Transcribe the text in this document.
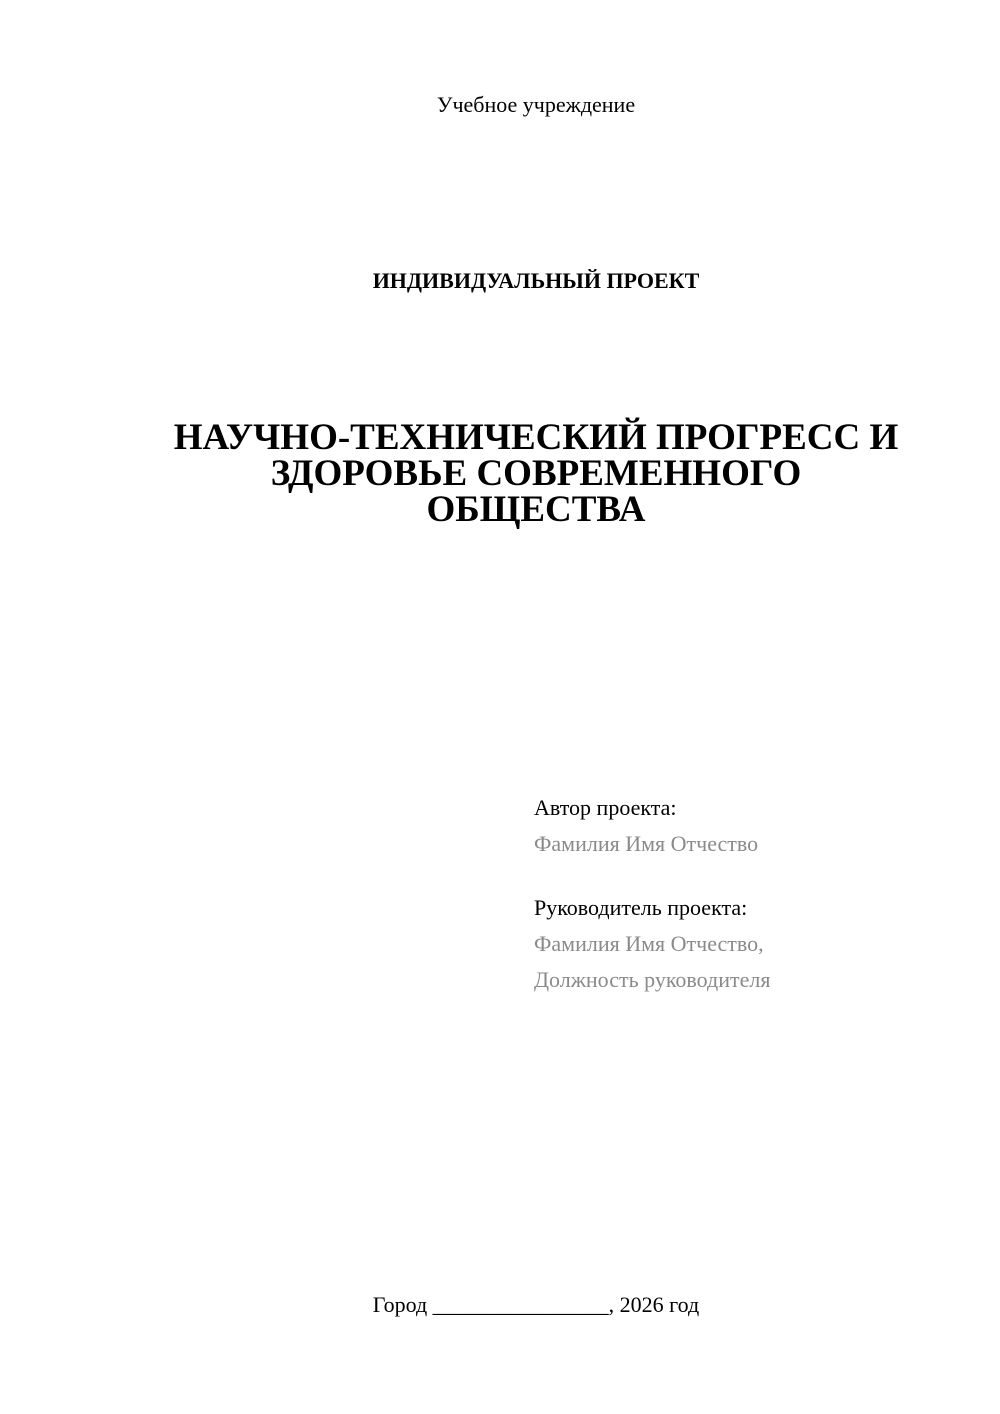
Учебное учреждение
ИНДИВИДУАЛЬНЫЙ ПРОЕКТ
НАУЧНО-ТЕХНИЧЕСКИЙ ПРОГРЕСС И
ЗДОРОВЬЕ СОВРЕМЕННОГО
ОБЩЕСТВА
Автор проекта:
Фамилия Имя Отчество
Руководитель проекта:
Фамилия Имя Отчество,
Должность руководителя
Город ________________, 2026 год
